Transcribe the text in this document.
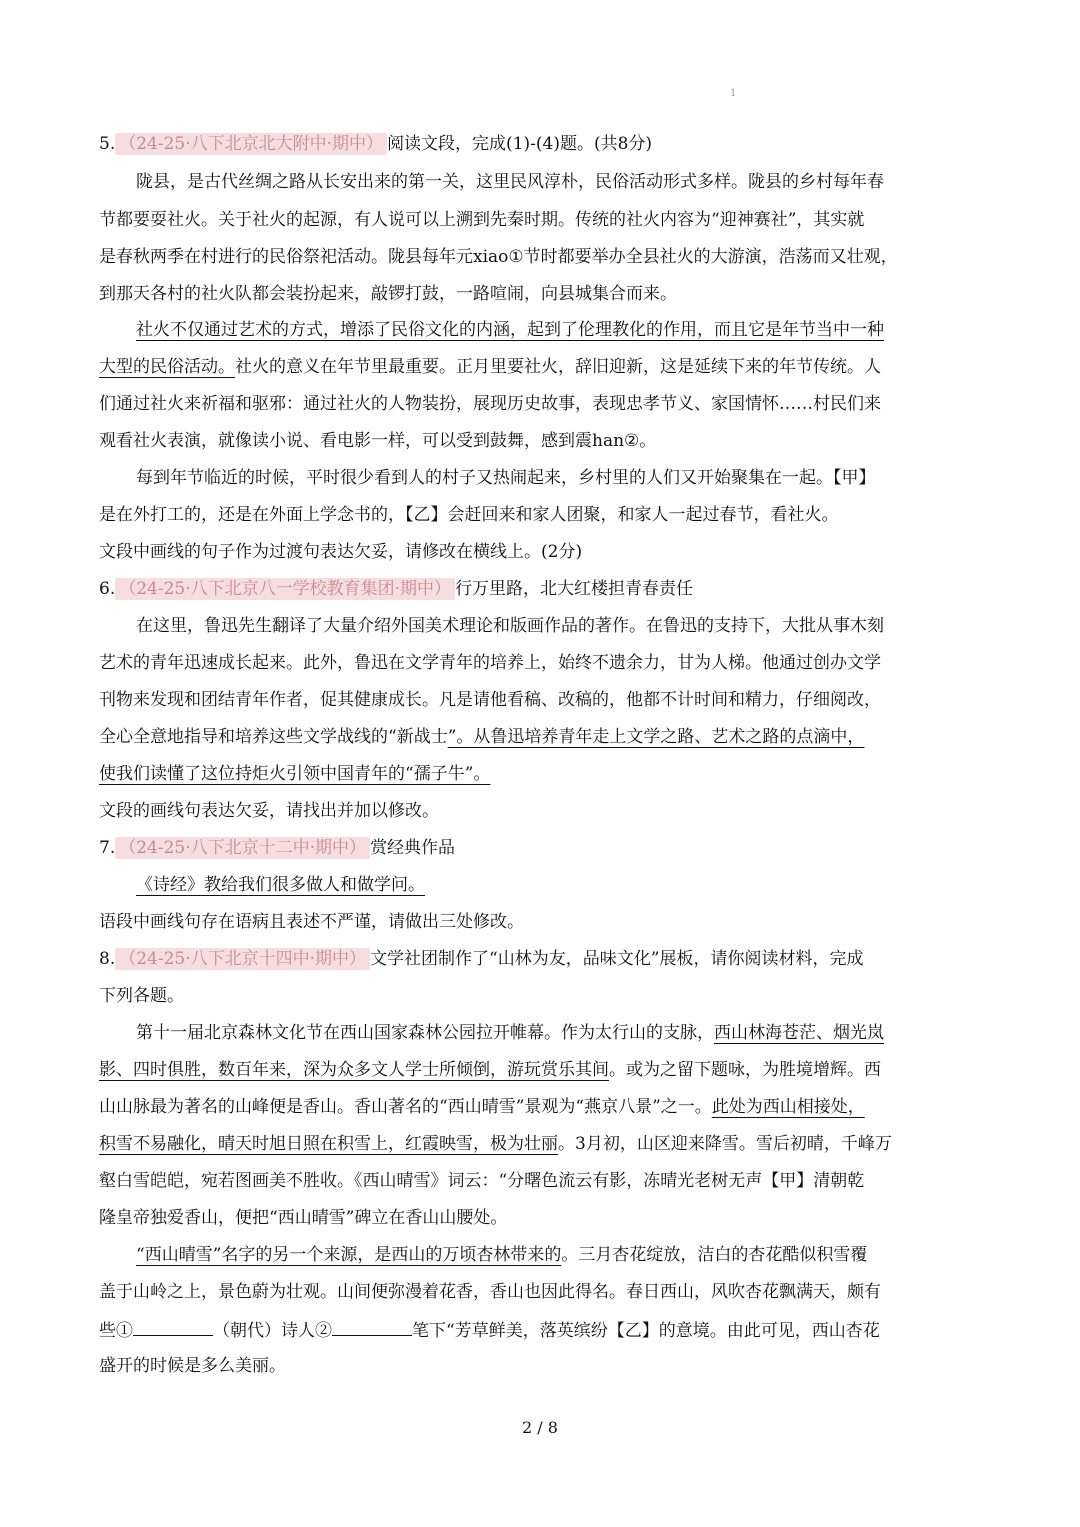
1
5. （24-25·八下北京北大附中·期中） 阅读文段，完成(1)-(4)题。(共8分)
陇县，是古代丝绸之路从长安出来的第一关，这里民风淳朴，民俗活动形式多样。陇县的乡村每年春
节都要耍社火。关于社火的起源，有人说可以上溯到先秦时期。传统的社火内容为“迎神赛社”，其实就
是春秋两季在村进行的民俗祭祀活动。陇县每年元xiao①节时都要举办全县社火的大游演，浩荡而又壮观，
到那天各村的社火队都会装扮起来，敲锣打鼓，一路喧闹，向县城集合而来。
社火不仅通过艺术的方式，增添了民俗文化的内涵，起到了伦理教化的作用，而且它是年节当中一种
大型的民俗活动。社火的意义在年节里最重要。正月里要社火，辞旧迎新，这是延续下来的年节传统。人
们通过社火来祈福和驱邪：通过社火的人物装扮，展现历史故事，表现忠孝节义、家国情怀……村民们来
观看社火表演，就像读小说、看电影一样，可以受到鼓舞，感到震han②。
每到年节临近的时候，平时很少看到人的村子又热闹起来，乡村里的人们又开始聚集在一起。【甲】
是在外打工的，还是在外面上学念书的，【乙】会赶回来和家人团聚，和家人一起过春节，看社火。
文段中画线的句子作为过渡句表达欠妥，请修改在横线上。(2分)
6. （24-25·八下北京八一学校教育集团·期中） 行万里路，北大红楼担青春责任
在这里，鲁迅先生翻译了大量介绍外国美术理论和版画作品的著作。在鲁迅的支持下，大批从事木刻
艺术的青年迅速成长起来。此外，鲁迅在文学青年的培养上，始终不遗余力，甘为人梯。他通过创办文学
刊物来发现和团结青年作者，促其健康成长。凡是请他看稿、改稿的，他都不计时间和精力，仔细阅改，
全心全意地指导和培养这些文学战线的“新战士”。从鲁迅培养青年走上文学之路、艺术之路的点滴中，
使我们读懂了这位持炬火引领中国青年的“孺子牛”。
文段的画线句表达欠妥，请找出并加以修改。
7. （24-25·八下北京十二中·期中） 赏经典作品
《诗经》教给我们很多做人和做学问。
语段中画线句存在语病且表述不严谨，请做出三处修改。
8. （24-25·八下北京十四中·期中） 文学社团制作了“山林为友，品味文化”展板，请你阅读材料，完成
下列各题。
第十一届北京森林文化节在西山国家森林公园拉开帷幕。作为太行山的支脉，西山林海苍茫、烟光岚
影、四时俱胜，数百年来，深为众多文人学士所倾倒，游玩赏乐其间。或为之留下题咏，为胜境增辉。西
山山脉最为著名的山峰便是香山。香山著名的“西山晴雪”景观为“燕京八景”之一。此处为西山相接处，
积雪不易融化，晴天时旭日照在积雪上，红霞映雪，极为壮丽。3月初，山区迎来降雪。雪后初晴，千峰万
壑白雪皑皑，宛若图画美不胜收。《西山晴雪》词云：“分曙色流云有影，冻晴光老树无声【甲】清朝乾
隆皇帝独爱香山，便把“西山晴雪”碑立在香山山腰处。
“西山晴雪”名字的另一个来源，是西山的万顷杏林带来的。三月杏花绽放，洁白的杏花酷似积雪覆
盖于山岭之上，景色蔚为壮观。山间便弥漫着花香，香山也因此得名。春日西山，风吹杏花飘满天，颇有
些①	（朝代）诗人②	笔下“芳草鲜美，落英缤纷【乙】的意境。由此可见，西山杏花
盛开的时候是多么美丽。
2 / 8
